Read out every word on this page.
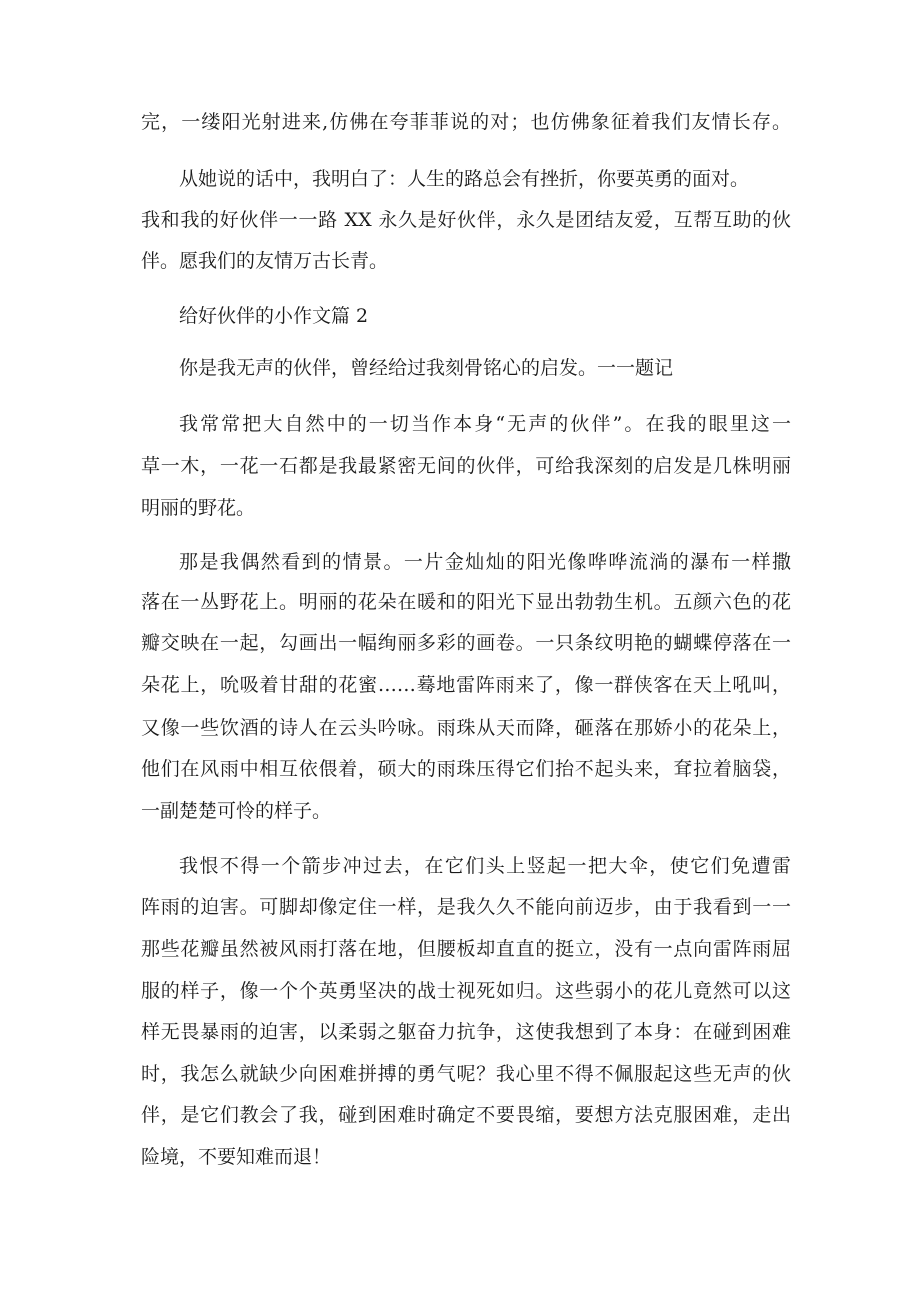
完，一缕阳光射进来,仿佛在夸菲菲说的对；也仿佛象征着我们友情长存。
从她说的话中，我明白了：人生的路总会有挫折，你要英勇的面对。
我和我的好伙伴一一路 XX 永久是好伙伴，永久是团结友爱，互帮互助的伙
伴。愿我们的友情万古长青。
给好伙伴的小作文篇 2
你是我无声的伙伴，曾经给过我刻骨铭心的启发。一一题记
我常常把大自然中的一切当作本身“无声的伙伴”。在我的眼里这一
草一木，一花一石都是我最紧密无间的伙伴，可给我深刻的启发是几株明丽
明丽的野花。
那是我偶然看到的情景。一片金灿灿的阳光像哗哗流淌的瀑布一样撒
落在一丛野花上。明丽的花朵在暖和的阳光下显出勃勃生机。五颜六色的花
瓣交映在一起，勾画出一幅绚丽多彩的画卷。一只条纹明艳的蝴蝶停落在一
朵花上，吮吸着甘甜的花蜜……蓦地雷阵雨来了，像一群侠客在天上吼叫，
又像一些饮酒的诗人在云头吟咏。雨珠从天而降，砸落在那娇小的花朵上，
他们在风雨中相互依偎着，硕大的雨珠压得它们抬不起头来，耷拉着脑袋，
一副楚楚可怜的样子。
我恨不得一个箭步冲过去，在它们头上竖起一把大伞，使它们免遭雷
阵雨的迫害。可脚却像定住一样，是我久久不能向前迈步，由于我看到一一
那些花瓣虽然被风雨打落在地，但腰板却直直的挺立，没有一点向雷阵雨屈
服的样子，像一个个英勇坚决的战士视死如归。这些弱小的花儿竟然可以这
样无畏暴雨的迫害，以柔弱之躯奋力抗争，这使我想到了本身：在碰到困难
时，我怎么就缺少向困难拼搏的勇气呢？我心里不得不佩服起这些无声的伙
伴，是它们教会了我，碰到困难时确定不要畏缩，要想方法克服困难，走出
险境，不要知难而退！
